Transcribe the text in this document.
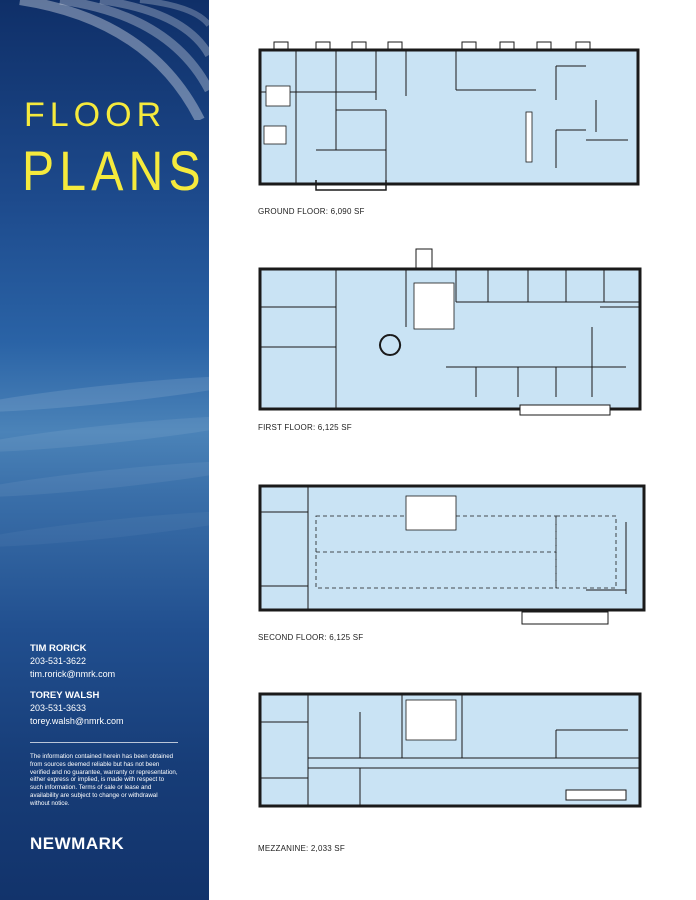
FLOOR
PLANS
TIM RORICK
203-531-3622
tim.rorick@nmrk.com
TOREY WALSH
203-531-3633
torey.walsh@nmrk.com
The information contained herein has been obtained from sources deemed reliable but has not been verified and no guarantee, warranty or representation, either express or implied, is made with respect to such information. Terms of sale or lease and availability are subject to change or withdrawal without notice.
NEWMARK
GROUND FLOOR: 6,090 SF
FIRST FLOOR: 6,125 SF
SECOND FLOOR: 6,125 SF
MEZZANINE: 2,033 SF
